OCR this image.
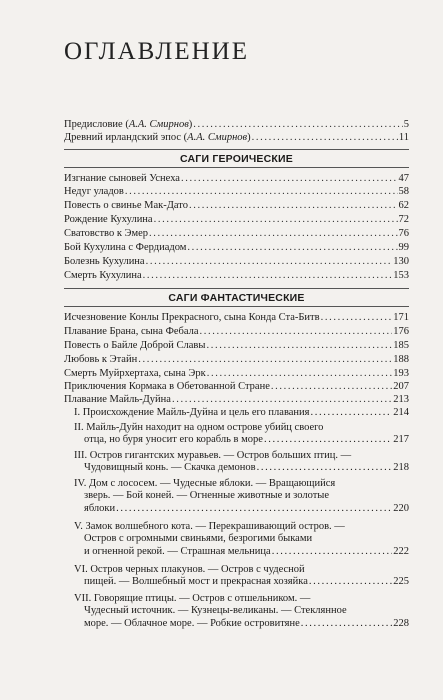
ОГЛАВЛЕНИЕ
Предисловие (А.А. Смирнов) . . .	5
Древний ирландский эпос (А.А. Смирнов) . . .	11
САГИ ГЕРОИЧЕСКИЕ
Изгнание сыновей Уснеха . . .	47
Недуг уладов . . .	58
Повесть о свинье Мак-Дато . . .	62
Рождение Кухулина . . .	72
Сватовство к Эмер . . .	76
Бой Кухулина с Фердиадом . . .	99
Болезнь Кухулина . . .	130
Смерть Кухулина . . .	153
САГИ ФАНТАСТИЧЕСКИЕ
Исчезновение Конлы Прекрасного, сына Конда Ста-Битв . . .	171
Плавание Брана, сына Фебала . . .	176
Повесть о Байле Доброй Славы . . .	185
Любовь к Этайн . . .	188
Смерть Муйрхертаха, сына Эрк . . .	193
Приключения Кормака в Обетованной Стране . . .	207
Плавание Майль-Дуйна . . .	213
I. Происхождение Майль-Дуйна и цель его плавания . . .	214
II. Майль-Дуйн находит на одном острове убийц своего
отца, но буря уносит его корабль в море . . .	217
III. Остров гигантских муравьев. — Остров больших птиц. —
Чудовищный конь. — Скачка демонов . . .	218
IV. Дом с лососем. — Чудесные яблоки. — Вращающийся
зверь. — Бой коней. — Огненные животные и золотые
яблоки . . .	220
V. Замок волшебного кота. — Перекрашивающий остров. —
Остров с огромными свиньями, безрогими быками
и огненной рекой. — Страшная мельница . . .	222
VI. Остров черных плакунов. — Остров с чудесной
пищей. — Волшебный мост и прекрасная хозяйка . . .	225
VII. Говорящие птицы. — Остров с отшельником. —
Чудесный источник. — Кузнецы-великаны. — Стеклянное
море. — Облачное море. — Робкие островитяне . . .	228
